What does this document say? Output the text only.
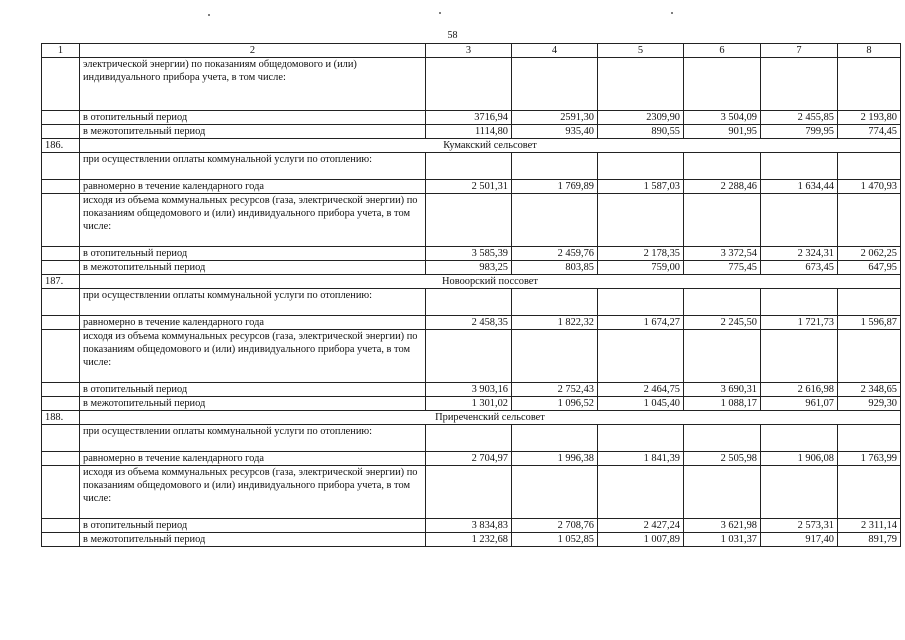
58
1	2	3	4	5	6	7	8
	электрической энергии) по показаниям общедомового и (или) индивидуального прибора учета, в том числе:						
	в отопительный период	3716,94	2591,30	2309,90	3 504,09	2 455,85	2 193,80
	в межотопительный период	1114,80	935,40	890,55	901,95	799,95	774,45
186.	Кумакский сельсовет						
	при осуществлении оплаты коммунальной услуги по отоплению:						
	равномерно в течение календарного года	2 501,31	1 769,89	1 587,03	2 288,46	1 634,44	1 470,93
	исходя из объема коммунальных ресурсов (газа, электрической энергии) по показаниям общедомового и (или) индивидуального прибора учета, в том числе:						
	в отопительный период	3 585,39	2 459,76	2 178,35	3 372,54	2 324,31	2 062,25
	в межотопительный период	983,25	803,85	759,00	775,45	673,45	647,95
187.	Новоорский поссовет						
	при осуществлении оплаты коммунальной услуги по отоплению:						
	равномерно в течение календарного года	2 458,35	1 822,32	1 674,27	2 245,50	1 721,73	1 596,87
	исходя из объема коммунальных ресурсов (газа, электрической энергии) по показаниям общедомового и (или) индивидуального прибора учета, в том числе:						
	в отопительный период	3 903,16	2 752,43	2 464,75	3 690,31	2 616,98	2 348,65
	в межотопительный период	1 301,02	1 096,52	1 045,40	1 088,17	961,07	929,30
188.	Приреченский сельсовет						
	при осуществлении оплаты коммунальной услуги по отоплению:						
	равномерно в течение календарного года	2 704,97	1 996,38	1 841,39	2 505,98	1 906,08	1 763,99
	исходя из объема коммунальных ресурсов (газа, электрической энергии) по показаниям общедомового и (или) индивидуального прибора учета, в том числе:						
	в отопительный период	3 834,83	2 708,76	2 427,24	3 621,98	2 573,31	2 311,14
	в межотопительный период	1 232,68	1 052,85	1 007,89	1 031,37	917,40	891,79
